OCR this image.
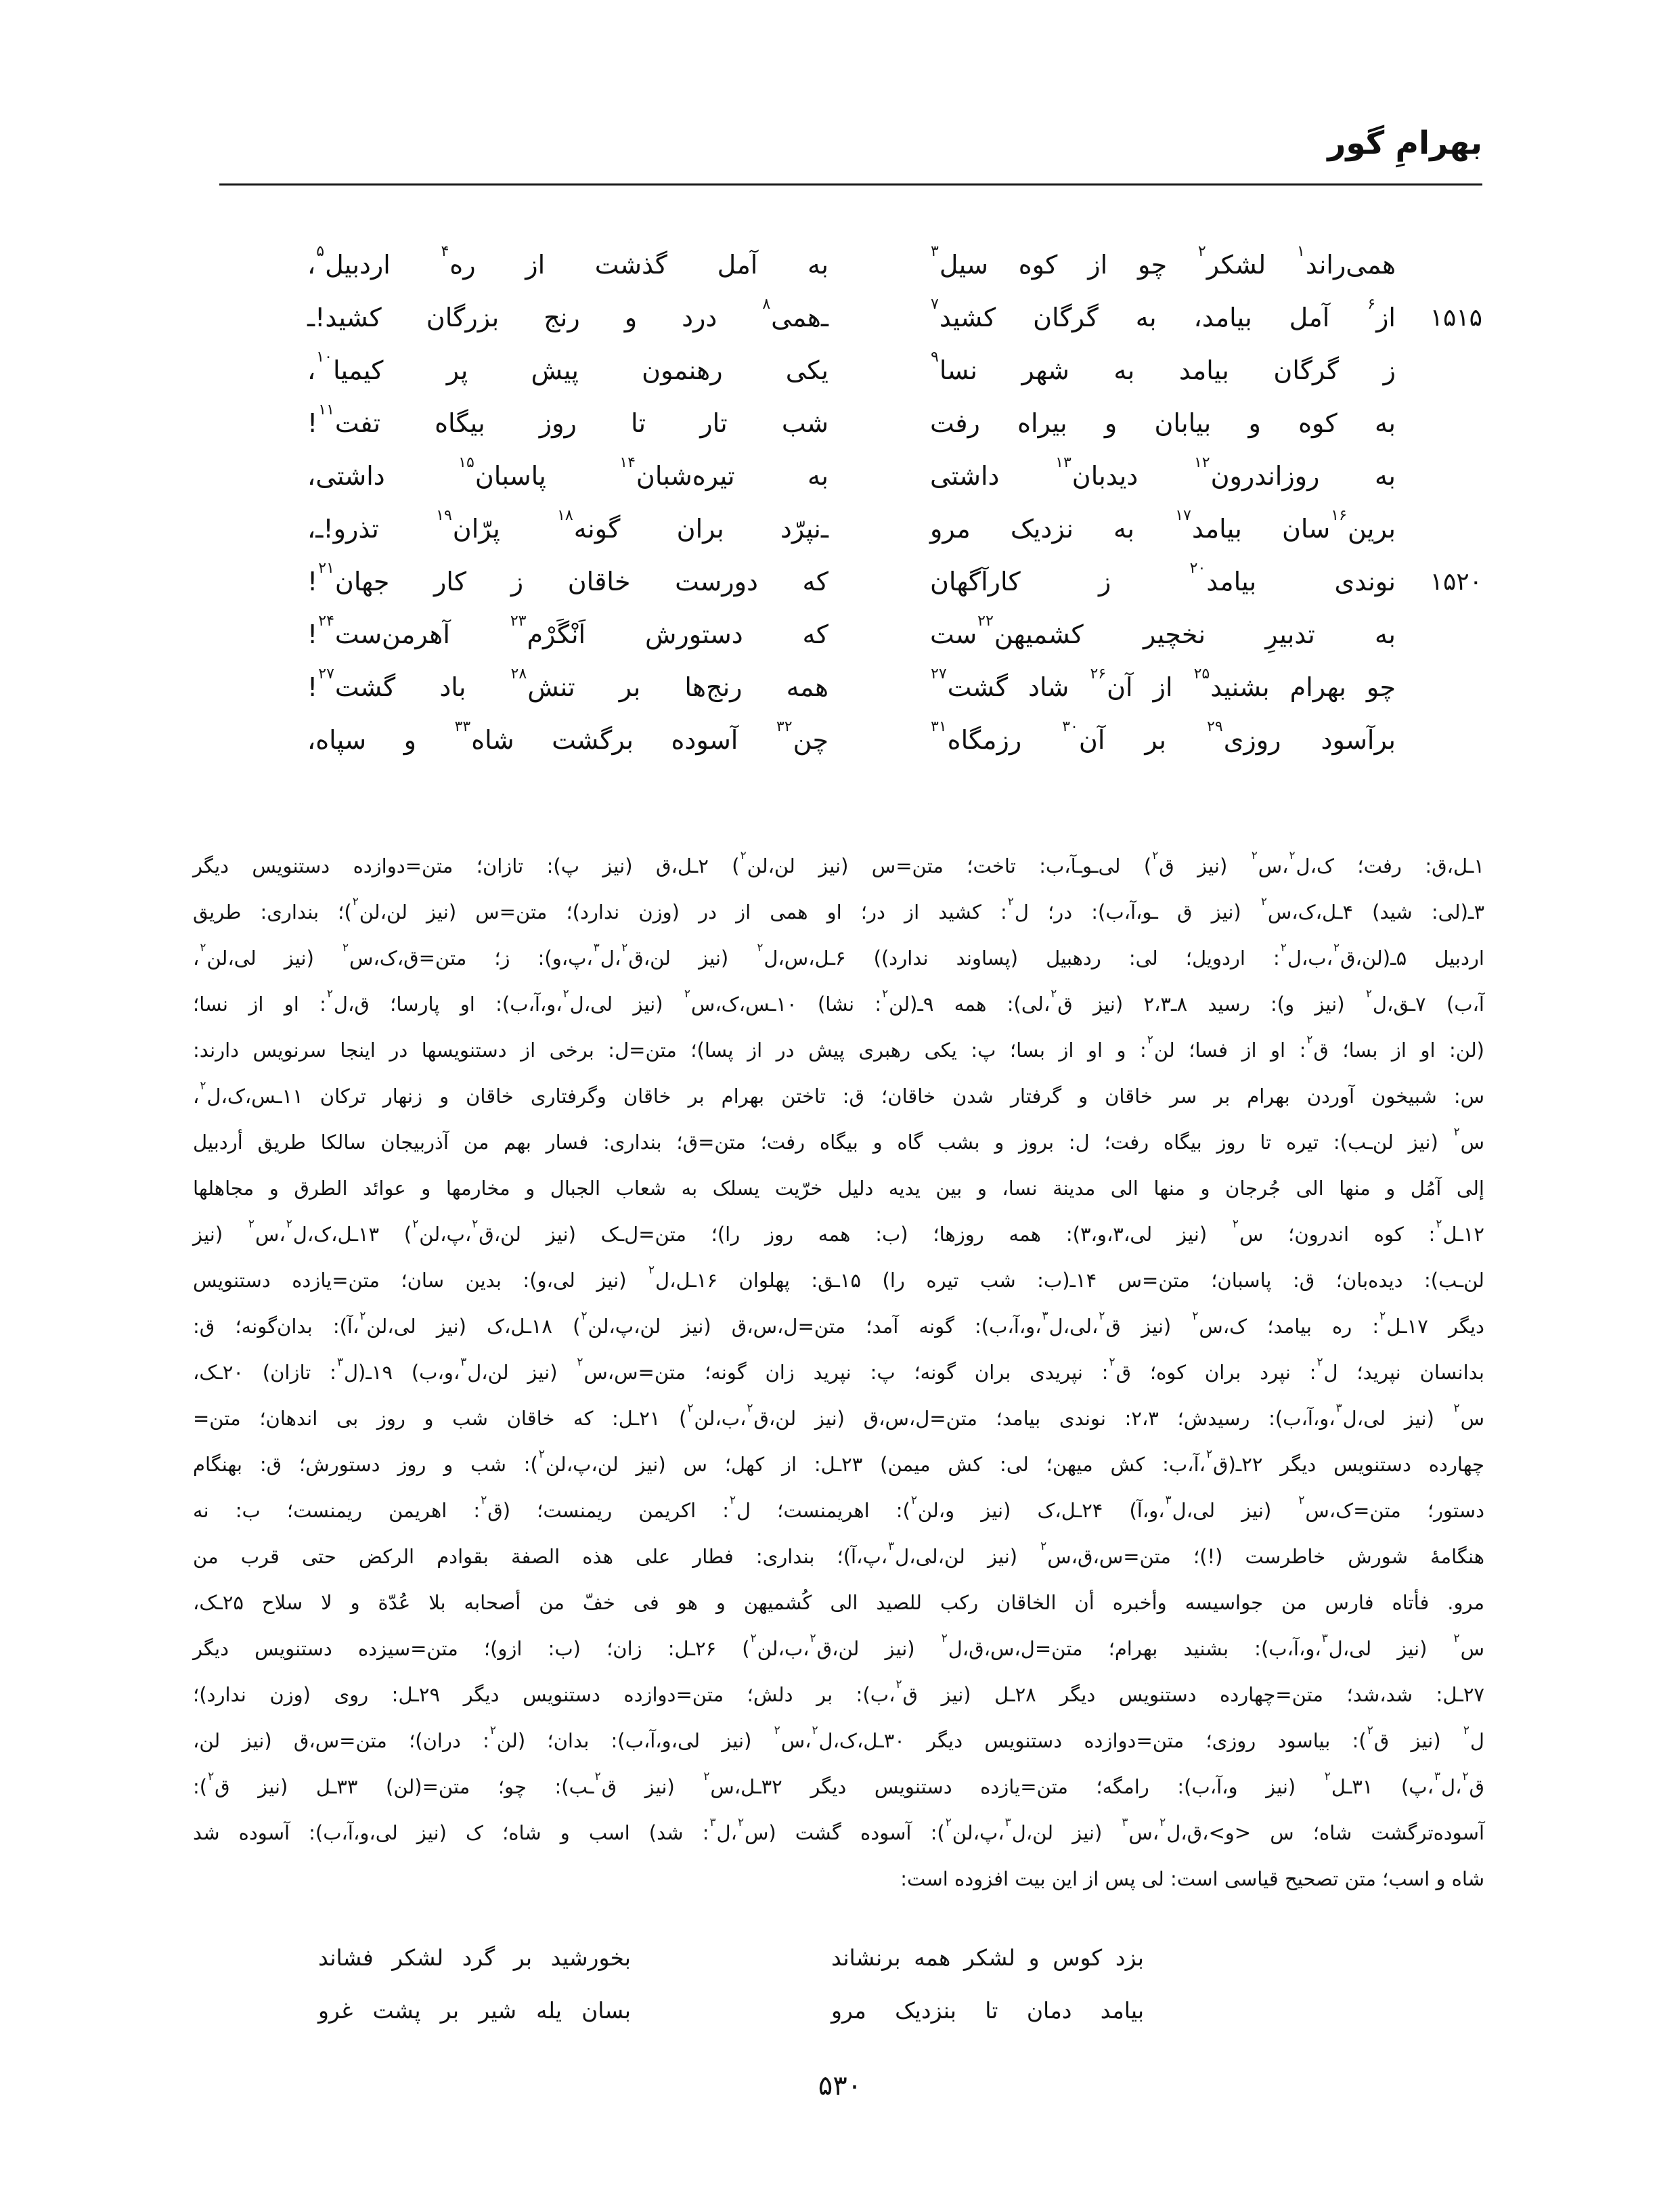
بهرامِ گور
همی‌راند$^۱$ لشکر$^۲$ چو از کوه سیل$^۳$
به آمل گذشت از ره$^۴$ اردبیل$^۵$،
۱۵۱۵
از$^۶$ آمل بیامد، به گرگان کشید$^۷$
ـ‌همی$^۸$ درد و رنج بزرگان کشید!ـ
ز گرگان بیامد به شهر نسا$^۹$
یکی رهنمون پیش پر کیمیا$^{۱۰}$،
به کوه و بیابان و بیراه رفت
شب تار تا روز بیگاه تفت$^{۱۱}$!
به روزاندرون$^{۱۲}$ دیدبان$^{۱۳}$ داشتی
به تیره‌شبان$^{۱۴}$ پاسبان$^{۱۵}$ داشتی،
برین$^{۱۶}$سان بیامد$^{۱۷}$ به نزدیک مرو
ـ‌نپرّد بران گونه$^{۱۸}$ پرّان$^{۱۹}$ تذرو!ـ،
۱۵۲۰
نوندی بیامد$^{۲۰}$ ز کارآگهان
که دورست خاقان ز کار جهان$^{۲۱}$!
به تدبیرِ نخچیر کشمیهن$^{۲۲}$ست
که دستورش اَنْگَرْم$^{۲۳}$ آهرمن‌ست$^{۲۴}$!
چو بهرام بشنید$^{۲۵}$ از آن$^{۲۶}$ شاد گشت$^{۲۷}$
همه رنج‌ها بر تنش$^{۲۸}$ باد گشت$^{۲۷}$!
برآسود روزی$^{۲۹}$ بر آن$^{۳۰}$ رزمگاه$^{۳۱}$
چن$^{۳۲}$ آسوده برگشت شاه$^{۳۳}$ و سپاه،
۱ـل،ق: رفت؛ ک،ل$^۲$،س$^۲$ (نیز ق$^۲$) لی‌ـو‌ـآ،ب: تاخت؛ متن=س (نیز لن،لن$^۲$) ۲ـل،ق (نیز پ): تازان؛ متن=دوازده دستنویس دیگر
۳ـ(لی: شید) ۴ـل،ک،س$^۲$ (نیز ق ـو،آ،ب): در؛ ل$^۲$: کشید از در؛ او همی از در (وزن ندارد)؛ متن=س (نیز لن،لن$^۲$)؛ بنداری: طریق
اردبیل ۵ـ(لن،ق$^۲$،ب،ل$^۲$: اردویل؛ لی: ردهبیل (پساوند ندارد)) ۶ـل،س،ل$^۲$ (نیز لن،ق$^۲$،ل$^۳$،پ،و): ز؛ متن=ق،ک،س$^۲$ (نیز لی،لن$^۲$،
آ،ب) ۷ـق،ل$^۲$ (نیز و): رسید ۸ـ۲،۳ (نیز ق$^۲$،لی): همه ۹ـ(لن$^۲$: نشا) ۱۰ـس،ک،س$^۲$ (نیز لی،ل$^۲$،و،آ،ب): او پارسا؛ ق،ل$^۲$: او از نسا؛
(لن: او از بسا؛ ق$^۲$: او از فسا؛ لن$^۲$: و او از بسا؛ پ: یکی رهبری پیش در از پسا)؛ متن=ل: برخی از دستنویسها در اینجا سرنویس دارند:
س: شبیخون آوردن بهرام بر سر خاقان و گرفتار شدن خاقان؛ ق: تاختن بهرام بر خاقان وگرفتاری خاقان و زنهار ترکان ۱۱ـس،ک،ل$^۲$،
س$^۲$ (نیز لن‌ـب): تیره تا روز بیگاه رفت؛ ل: بروز و بشب گاه و بیگاه رفت؛ متن=ق؛ بنداری: فسار بهم من آذربیجان سالکا طریق أردبیل
إلی آمُل و منها الی جُرجان و منها الی مدینة نسا، و بین یدیه دلیل خرّیت یسلک به شعاب الجبال و مخارمها و عوائد الطرق و مجاهلها
۱۲ـل$^۲$: کوه اندرون؛ س$^۲$ (نیز لی،۳،و،۳): همه روزها؛ (ب: همه روز را)؛ متن=ل‌ـک (نیز لن،ق$^۲$،پ،لن$^۲$) ۱۳ـل،ک،ل$^۲$،س$^۲$ (نیز
لن‌ـب): دیده‌بان؛ ق: پاسبان؛ متن=س ۱۴ـ(ب: شب تیره را) ۱۵ـق: پهلوان ۱۶ـل،ل$^۲$ (نیز لی،و): بدین سان؛ متن=یازده دستنویس
دیگر ۱۷ـل$^۲$: ره بیامد؛ ک،س$^۲$ (نیز ق$^۲$،لی،ل$^۳$،و،آ،ب): گونه آمد؛ متن=ل،س،ق (نیز لن،پ،لن$^۲$) ۱۸ـل،ک (نیز لی،لن$^۲$،آ): بدان‌گونه؛ ق:
بدانسان نپرید؛ ل$^۲$: نپرد بران کوه؛ ق$^۲$: نپریدی بران گونه؛ پ: نپرید زان گونه؛ متن=س،س$^۲$ (نیز لن،ل$^۳$،و،ب) ۱۹ـ(ل$^۳$: تازان) ۲۰ـک،
س$^۲$ (نیز لی،ل$^۳$،و،آ،ب): رسیدش؛ ۲،۳: نوندی بیامد؛ متن=ل،س،ق (نیز لن،ق$^۲$،ب،لن$^۲$) ۲۱ـل: که خاقان شب و روز بی اندهان؛ متن=
چهارده دستنویس دیگر ۲۲ـ(ق$^۲$،آ،ب: کش میهن؛ لی: کش میمن) ۲۳ـل: از کهل؛ س (نیز لن،پ،لن$^۲$): شب و روز دستورش؛ ق: بهنگام
دستور؛ متن=ک،س$^۲$ (نیز لی،ل$^۳$،و،آ) ۲۴ـل،ک (نیز و،لن$^۲$): اهریمنست؛ ل$^۲$: اکریمن ریمنست؛ (ق$^۲$: اهریمن ریمنست؛ ب: نه
هنگامهٔ شورش خاطرست (!)؛ متن=س،ق،س$^۲$ (نیز لن،لی،ل$^۳$،پ،آ)؛ بنداری: فطار علی هذه الصفة بقوادم الرکض حتی قرب من
مرو. فأتاه فارس من جواسیسه وأخبره أن الخاقان رکب للصید الی کُشمیهن و هو فی خفّ من أصحابه بلا عُدّة و لا سلاح ۲۵ـک،
س$^۲$ (نیز لی،ل$^۳$،و،آ،ب): بشنید بهرام؛ متن=ل،س،ق،ل$^۲$ (نیز لن،ق$^۲$،ب،لن$^۲$) ۲۶ـل: زان؛ (ب: ازو)؛ متن=سیزده دستنویس دیگر
۲۷ـل: شد،شد؛ متن=چهارده دستنویس دیگر ۲۸ـل (نیز ق$^۲$،ب): بر دلش؛ متن=دوازده دستنویس دیگر ۲۹ـل: روی (وزن ندارد)؛
ل$^۲$ (نیز ق$^۲$): بیاسود روزی؛ متن=دوازده دستنویس دیگر ۳۰ـل،ک،ل$^۲$،س$^۲$ (نیز لی،و،آ،ب): بدان؛ (لن$^۲$: دران)؛ متن=س،ق (نیز لن،
ق$^۲$،ل$^۳$،پ) ۳۱ـل$^۲$ (نیز و،آ،ب): رامگه؛ متن=یازده دستنویس دیگر ۳۲ـل،س$^۲$ (نیز ق$^۲$ـب): چو؛ متن=(لن) ۳۳ـل (نیز ق$^۲$):
آسوده‌ترگشت شاه؛ س <و>،ق،ل$^۲$،س$^۳$ (نیز لن،ل$^۳$،پ،لن$^۲$): آسوده گشت (س$^۲$،ل$^۳$: شد) اسب و شاه؛ ک (نیز لی،و،آ،ب): آسوده شد
شاه و اسب؛ متن تصحیح قیاسی است: لی پس از این بیت افزوده است:
بزد کوس و لشکر همه برنشاند
بخورشید بر گرد لشکر فشاند
بیامد دمان تا بنزدیک مرو
بسان یله شیر بر پشت غرو
۵۳۰
